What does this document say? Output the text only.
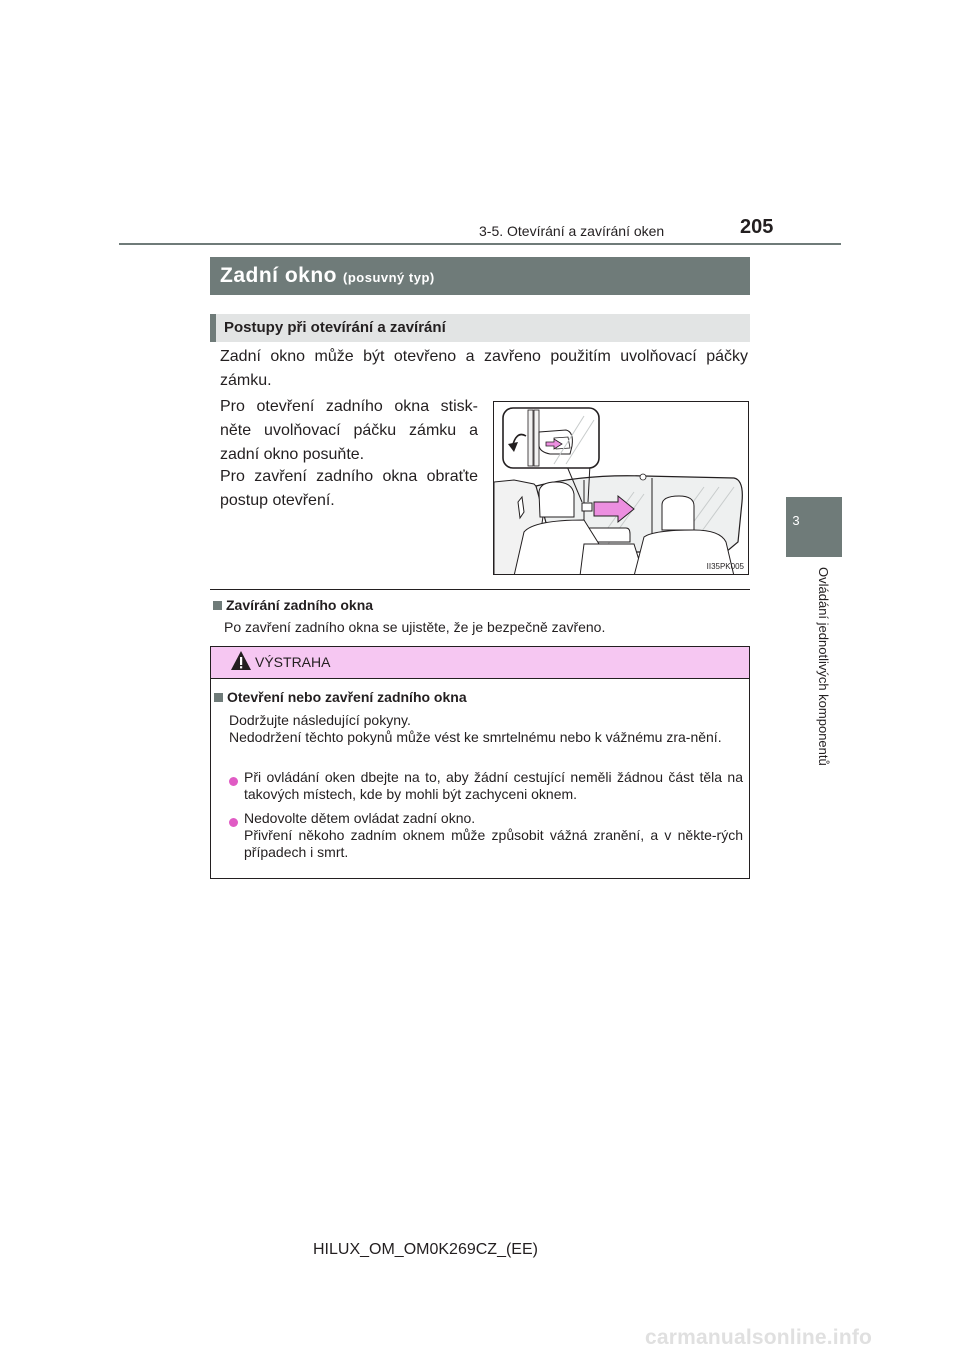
3-5. Otevírání a zavírání oken	205
3
Ovládání jednotlivých komponentů
Zadní okno (posuvný typ)
Postupy při otevírání a zavírání
Zadní okno může být otevřeno a zavřeno použitím uvolňovací páčky zámku.
Pro otevření zadního okna stisk-něte uvolňovací páčku zámku a zadní okno posuňte.
Pro zavření zadního okna obraťte postup otevření.
II35PK005
Zavírání zadního okna
Po zavření zadního okna se ujistěte, že je bezpečně zavřeno.
VÝSTRAHA
Otevření nebo zavření zadního okna
Dodržujte následující pokyny.
Nedodržení těchto pokynů může vést ke smrtelnému nebo k vážnému zra-nění.
Při ovládání oken dbejte na to, aby žádní cestující neměli žádnou část těla na takových místech, kde by mohli být zachyceni oknem.
Nedovolte dětem ovládat zadní okno.
Přivření někoho zadním oknem může způsobit vážná zranění, a v někte-rých případech i smrt.
HILUX_OM_OM0K269CZ_(EE)
carmanualsonline.info
